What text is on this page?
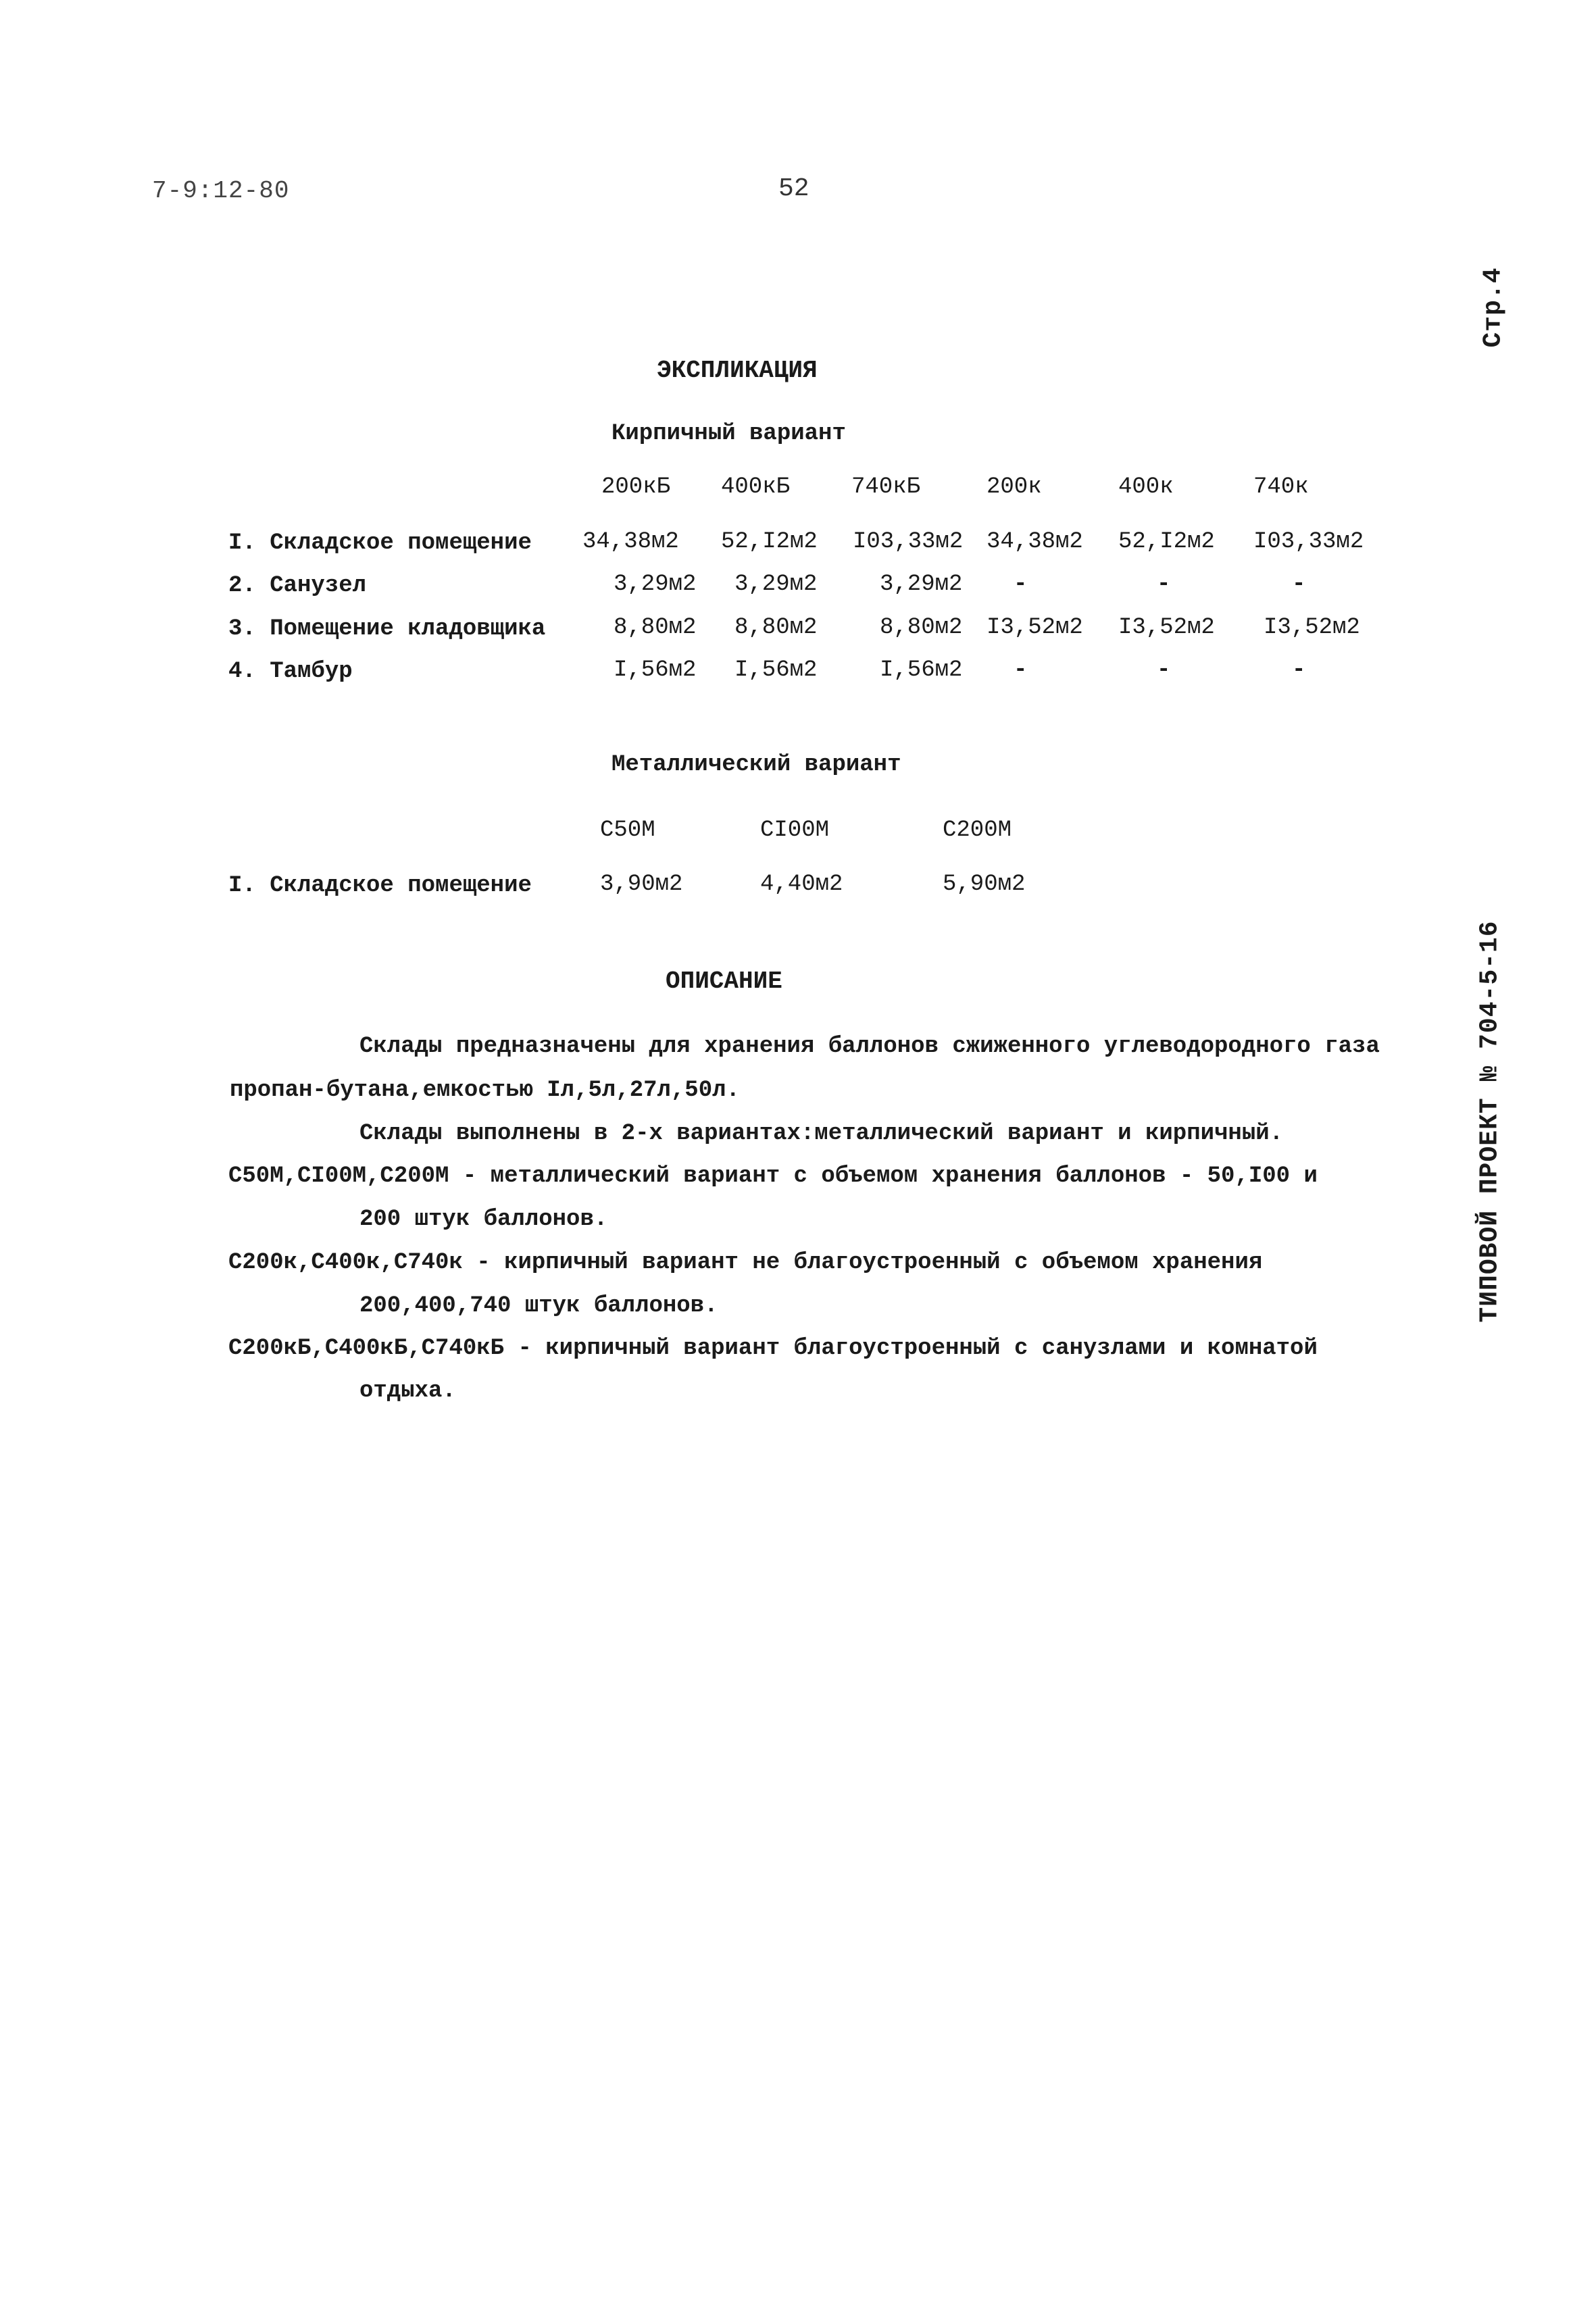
7-9:12-80	52
Стр.4
ТИПОВОЙ ПРОЕКТ № 704-5-16
ЭКСПЛИКАЦИЯ
Кирпичный вариант
200кБ 400кБ	740кБ	200к	400к	740к
I. Складское помещение 34,38м2 52,I2м2 I03,33м2 34,38м2 52,I2м2 I03,33м2
2. Санузел	3,29м2 3,29м2	3,29м2 -	-	-
3. Помещение кладовщика	8,80м2 8,80м2	8,80м2 I3,52м2 I3,52м2 I3,52м2
4. Тамбур	I,56м2 I,56м2	I,56м2 -	-	-
Металлический вариант
С50М	СI00М	С200М
I. Складское помещение	3,90м2	4,40м2	5,90м2
ОПИСАНИЕ
Склады предназначены для хранения баллонов сжиженного углеводородного газа
пропан-бутана,емкостью Iл,5л,27л,50л.
Склады выполнены в 2-х вариантах:металлический вариант и кирпичный.
С50М,СI00М,С200М - металлический вариант с объемом хранения баллонов - 50,I00 и
200 штук баллонов.
С200к,С400к,С740к - кирпичный вариант не благоустроенный с объемом хранения
200,400,740 штук баллонов.
С200кБ,С400кБ,С740кБ - кирпичный вариант благоустроенный с санузлами и комнатой
отдыха.
